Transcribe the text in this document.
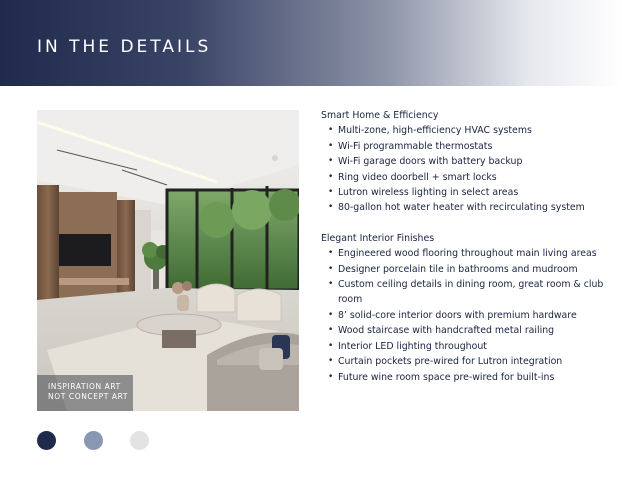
IN THE DETAILS
INSPIRATION ART
NOT CONCEPT ART
Smart Home & Efficiency
• Multi-zone, high-efficiency HVAC systems
• Wi-Fi programmable thermostats
• Wi-Fi garage doors with battery backup
• Ring video doorbell + smart locks
• Lutron wireless lighting in select areas
• 80-gallon hot water heater with recirculating system
Elegant Interior Finishes
• Engineered wood flooring throughout main living areas
• Designer porcelain tile in bathrooms and mudroom
• Custom ceiling details in dining room, great room & club room
• 8’ solid-core interior doors with premium hardware
• Wood staircase with handcrafted metal railing
• Interior LED lighting throughout
• Curtain pockets pre-wired for Lutron integration
• Future wine room space pre-wired for built-ins
